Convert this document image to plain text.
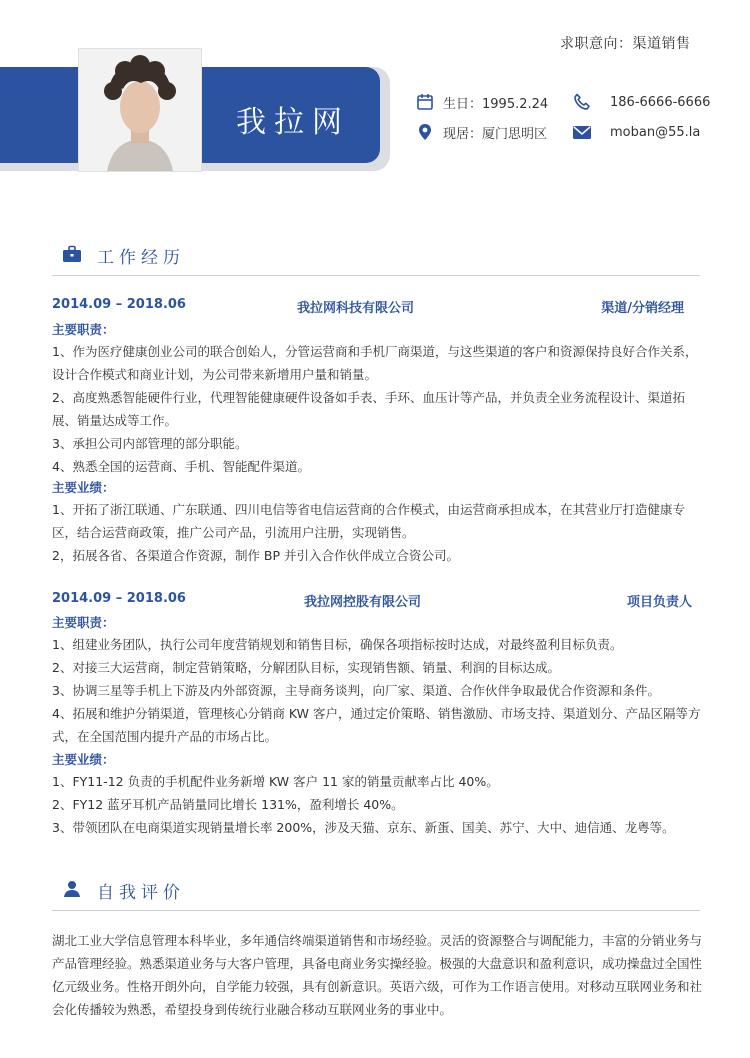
求职意向：渠道销售
我拉网
生日：1995.2.24
现居：厦门思明区
186-6666-6666
moban@55.la
工作经历
2014.09 – 2018.06	我拉网科技有限公司	渠道/分销经理
主要职责：

1、作为医疗健康创业公司的联合创始人，分管运营商和手机厂商渠道，与这些渠道的客户和资源保持良好合作关系，设计合作模式和商业计划，为公司带来新增用户量和销量。

2、高度熟悉智能硬件行业，代理智能健康硬件设备如手表、手环、血压计等产品，并负责全业务流程设计、渠道拓展、销量达成等工作。

3、承担公司内部管理的部分职能。

4、熟悉全国的运营商、手机、智能配件渠道。

主要业绩：

1、开拓了浙江联通、广东联通、四川电信等省电信运营商的合作模式，由运营商承担成本，在其营业厅打造健康专区，结合运营商政策，推广公司产品，引流用户注册，实现销售。

2，拓展各省、各渠道合作资源，制作 BP 并引入合作伙伴成立合资公司。

2014.09 – 2018.06	我拉网控股有限公司	项目负责人
主要职责：

1、组建业务团队，执行公司年度营销规划和销售目标，确保各项指标按时达成，对最终盈利目标负责。

2、对接三大运营商，制定营销策略，分解团队目标，实现销售额、销量、利润的目标达成。

3、协调三星等手机上下游及内外部资源，主导商务谈判，向厂家、渠道、合作伙伴争取最优合作资源和条件。

4、拓展和维护分销渠道，管理核心分销商 KW 客户，通过定价策略、销售激励、市场支持、渠道划分、产品区隔等方式，在全国范围内提升产品的市场占比。

主要业绩：

1、FY11-12 负责的手机配件业务新增 KW 客户 11 家的销量贡献率占比 40%。

2、FY12 蓝牙耳机产品销量同比增长 131%，盈利增长 40%。

3、带领团队在电商渠道实现销量增长率 200%，涉及天猫、京东、新蛋、国美、苏宁、大中、迪信通、龙粤等。

自我评价
湖北工业大学信息管理本科毕业，多年通信终端渠道销售和市场经验。灵活的资源整合与调配能力，丰富的分销业务与产品管理经验。熟悉渠道业务与大客户管理，具备电商业务实操经验。极强的大盘意识和盈利意识，成功操盘过全国性亿元级业务。性格开朗外向，自学能力较强，具有创新意识。英语六级，可作为工作语言使用。对移动互联网业务和社会化传播较为熟悉，希望投身到传统行业融合移动互联网业务的事业中。
